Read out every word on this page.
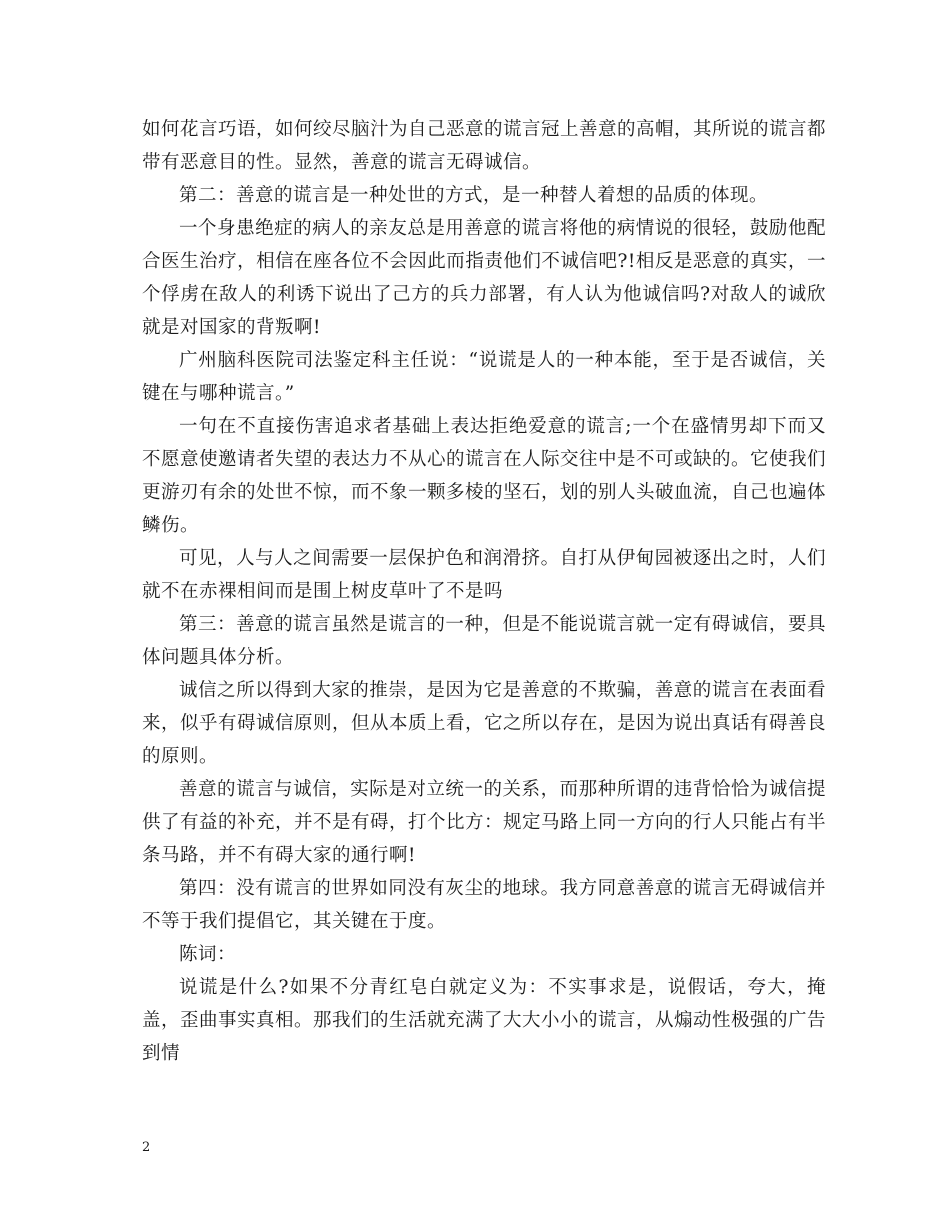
如何花言巧语，如何绞尽脑汁为自己恶意的谎言冠上善意的高帽，其所说的谎言都带有恶意目的性。显然，善意的谎言无碍诚信。

第二：善意的谎言是一种处世的方式，是一种替人着想的品质的体现。

一个身患绝症的病人的亲友总是用善意的谎言将他的病情说的很轻，鼓励他配合医生治疗，相信在座各位不会因此而指责他们不诚信吧?!相反是恶意的真实，一个俘虏在敌人的利诱下说出了己方的兵力部署，有人认为他诚信吗?对敌人的诚欣就是对国家的背叛啊!

广州脑科医院司法鉴定科主任说：“说谎是人的一种本能，至于是否诚信，关键在与哪种谎言。”

一句在不直接伤害追求者基础上表达拒绝爱意的谎言;一个在盛情男却下而又不愿意使邀请者失望的表达力不从心的谎言在人际交往中是不可或缺的。它使我们更游刃有余的处世不惊，而不象一颗多棱的坚石，划的别人头破血流，自己也遍体鳞伤。

可见，人与人之间需要一层保护色和润滑挤。自打从伊甸园被逐出之时，人们就不在赤裸相间而是围上树皮草叶了不是吗

第三：善意的谎言虽然是谎言的一种，但是不能说谎言就一定有碍诚信，要具体问题具体分析。

诚信之所以得到大家的推崇，是因为它是善意的不欺骗，善意的谎言在表面看来，似乎有碍诚信原则，但从本质上看，它之所以存在，是因为说出真话有碍善良的原则。

善意的谎言与诚信，实际是对立统一的关系，而那种所谓的违背恰恰为诚信提供了有益的补充，并不是有碍，打个比方：规定马路上同一方向的行人只能占有半条马路，并不有碍大家的通行啊!

第四：没有谎言的世界如同没有灰尘的地球。我方同意善意的谎言无碍诚信并不等于我们提倡它，其关键在于度。

陈词：

说谎是什么?如果不分青红皂白就定义为：不实事求是，说假话，夸大，掩盖，歪曲事实真相。那我们的生活就充满了大大小小的谎言，从煽动性极强的广告到情

2
